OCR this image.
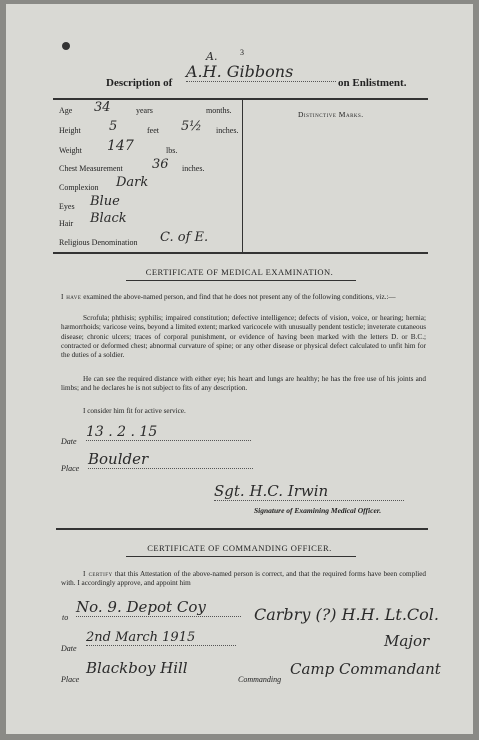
3
Description of
A.
A.H. Gibbons
on Enlistment.
Age 34	years	months.
Height 5	feet 5½ inches.
Weight 147	lbs.
Chest Measurement 36 inches.
Complexion Dark
Eyes Blue
Hair Black
Religious Denomination C. of E.
Distinctive Marks.
CERTIFICATE OF MEDICAL EXAMINATION.
I have examined the above-named person, and find that he does not present any of the following conditions, viz.:—
Scrofula; phthisis; syphilis; impaired constitution; defective intelligence; defects of vision, voice, or hearing; hernia; hæmorrhoids; varicose veins, beyond a limited extent; marked varicocele with unusually pendent testicle; inveterate cutaneous disease; chronic ulcers; traces of corporal punishment, or evidence of having been marked with the letters D. or B.C.; contracted or deformed chest; abnormal curvature of spine; or any other disease or physical defect calculated to unfit him for the duties of a soldier.
He can see the required distance with either eye; his heart and lungs are healthy; he has the free use of his joints and limbs; and he declares he is not subject to fits of any description.
I consider him fit for active service.
Date
13 . 2 . 15
Place
Boulder
Sgt. H.C. Irwin
Signature of Examining Medical Officer.
CERTIFICATE OF COMMANDING OFFICER.
I certify that this Attestation of the above-named person is correct, and that the required forms have been complied with. I accordingly approve, and appoint him
to
No. 9. Depot Coy
Date
2nd March 1915
Carbry (?) H.H. Lt.Col.
Major
Place
Blackboy Hill
Commanding
Camp Commandant
